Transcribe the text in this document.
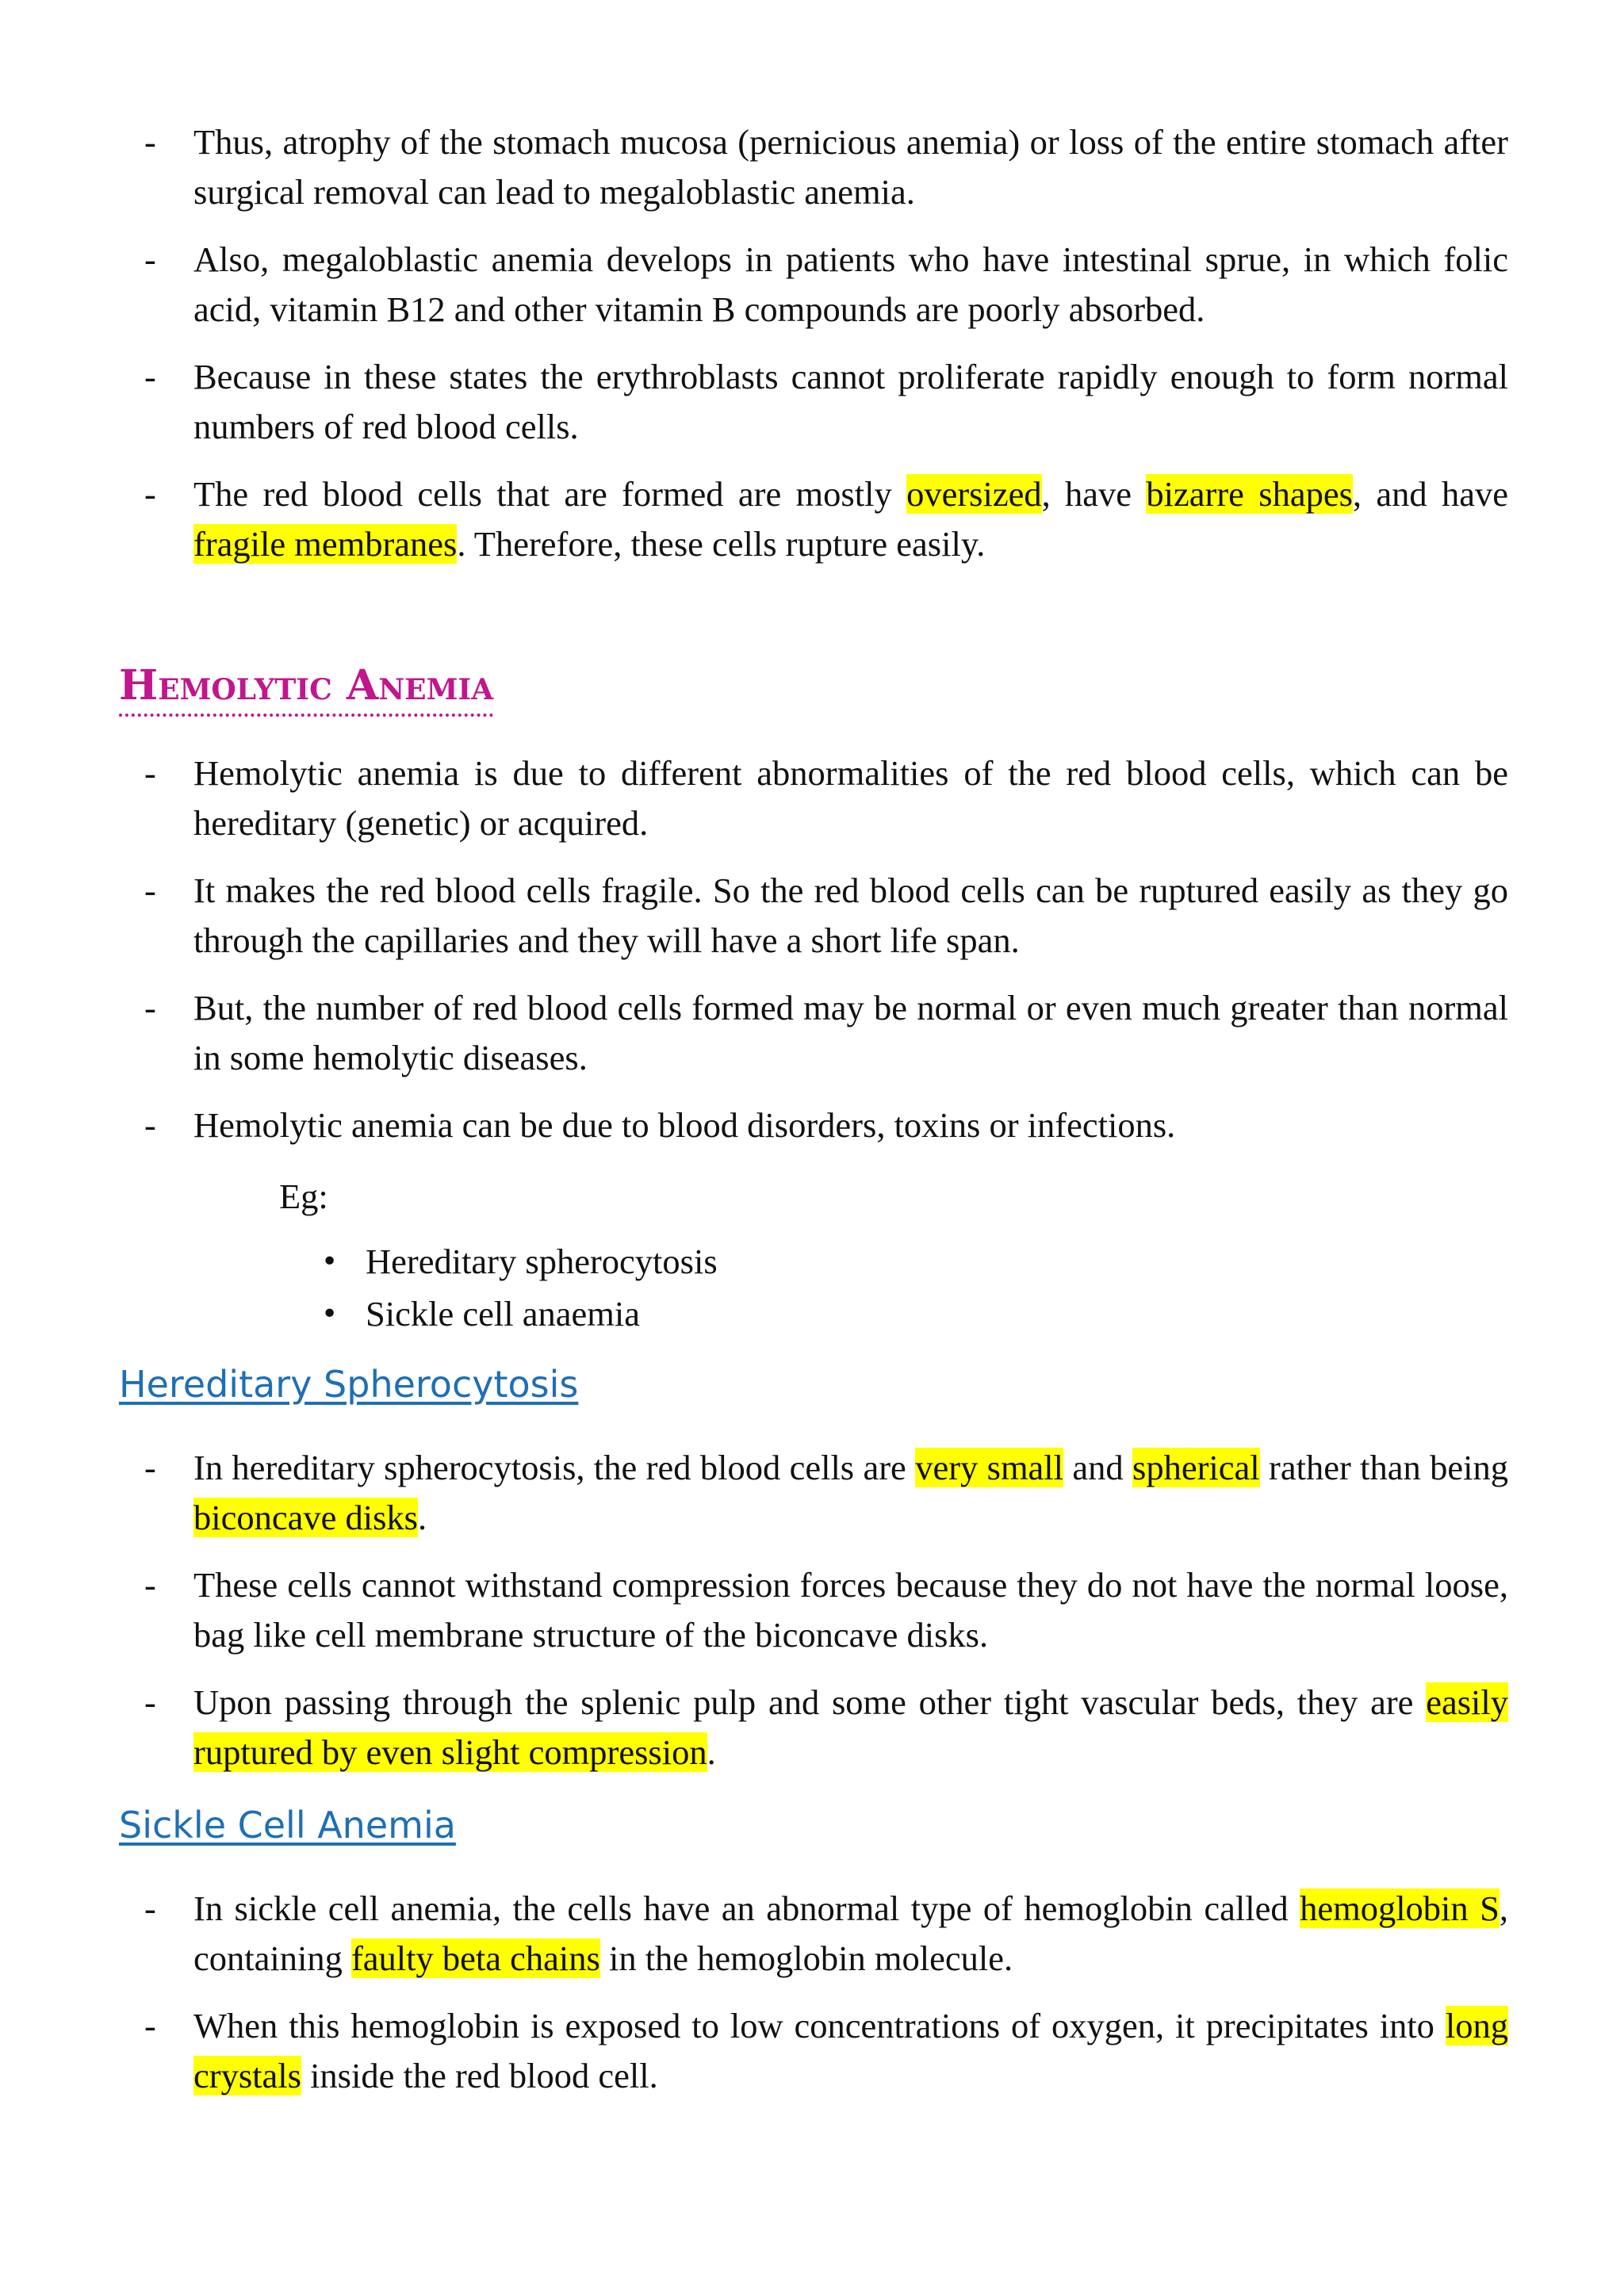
- Thus, atrophy of the stomach mucosa (pernicious anemia) or loss of the entire stomach after surgical removal can lead to megaloblastic anemia.
- Also, megaloblastic anemia develops in patients who have intestinal sprue, in which folic acid, vitamin B12 and other vitamin B compounds are poorly absorbed.
- Because in these states the erythroblasts cannot proliferate rapidly enough to form normal numbers of red blood cells.
- The red blood cells that are formed are mostly oversized, have bizarre shapes, and have fragile membranes. Therefore, these cells rupture easily.
Hemolytic Anemia
- Hemolytic anemia is due to different abnormalities of the red blood cells, which can be hereditary (genetic) or acquired.
- It makes the red blood cells fragile. So the red blood cells can be ruptured easily as they go through the capillaries and they will have a short life span.
- But, the number of red blood cells formed may be normal or even much greater than normal in some hemolytic diseases.
- Hemolytic anemia can be due to blood disorders, toxins or infections.
Eg:
• Hereditary spherocytosis
• Sickle cell anaemia
Hereditary Spherocytosis
- In hereditary spherocytosis, the red blood cells are very small and spherical rather than being biconcave disks.
- These cells cannot withstand compression forces because they do not have the normal loose, bag like cell membrane structure of the biconcave disks.
- Upon passing through the splenic pulp and some other tight vascular beds, they are easily ruptured by even slight compression.
Sickle Cell Anemia
- In sickle cell anemia, the cells have an abnormal type of hemoglobin called hemoglobin S, containing faulty beta chains in the hemoglobin molecule.
- When this hemoglobin is exposed to low concentrations of oxygen, it precipitates into long crystals inside the red blood cell.
